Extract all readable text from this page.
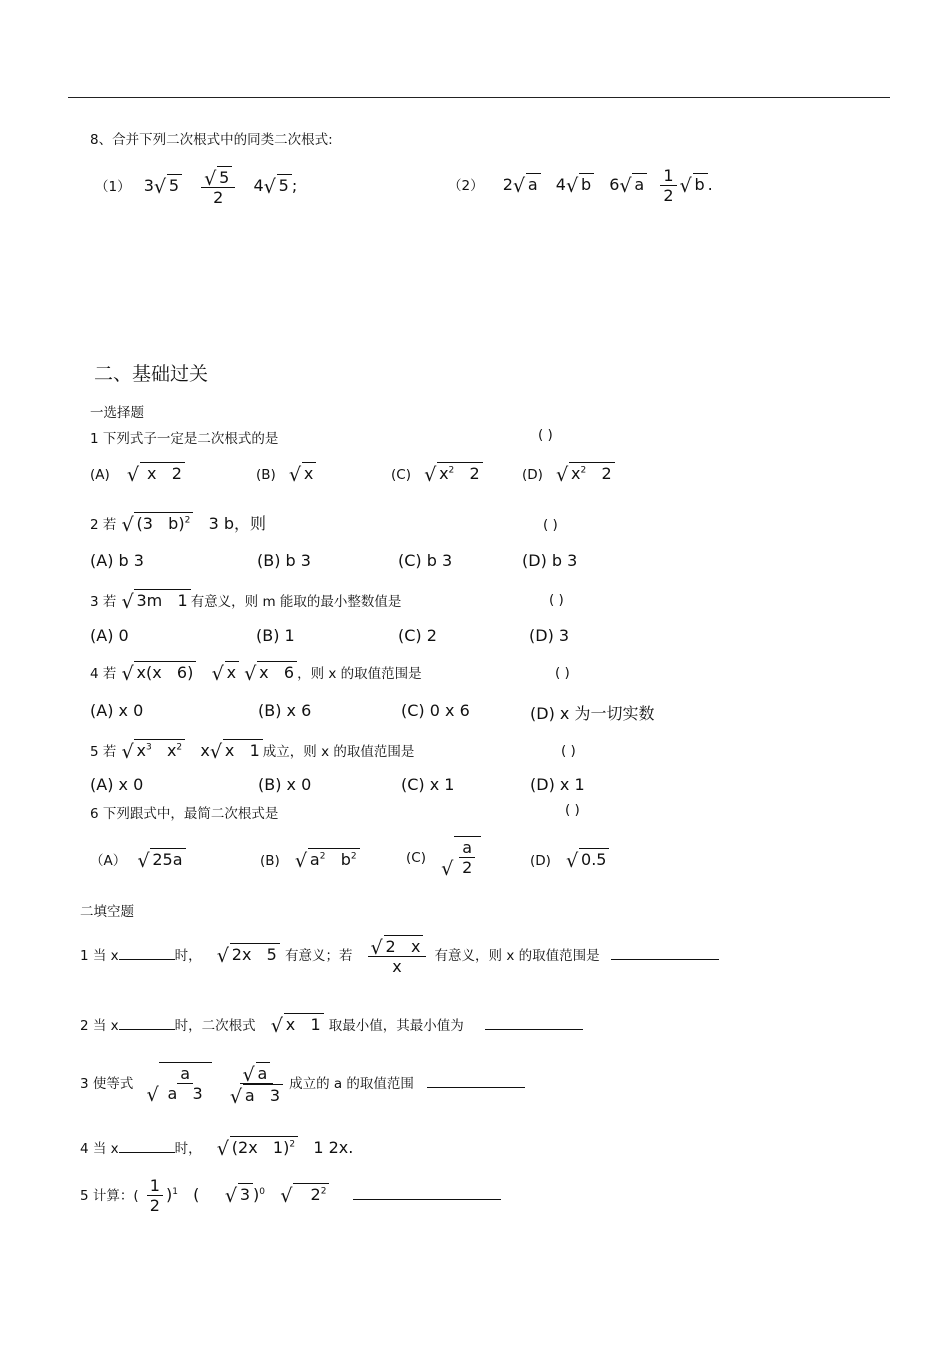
8、合并下列二次根式中的同类二次根式:
（1） 3√ 5
√ $\frac{5}{2} 4√$ 5 ;	（2） 2√ a 4√ b 6√ a $\frac{1}{2}$
√ b .
二、基础过关
一选择题
1 下列式子一定是二次根式的是	( )
(A) √  x   2	(B) √ x	(C) √ $x^2$   2	(D) √ $x^2$   2
2 若 √ (3   b)$^2$ 3 b，则	( )
(A) b 3	(B) b 3	(C) b 3	(D) b 3
3 若 √ 3m   1 有意义，则 m 能取的最小整数值是	( )
(A) 0	(B) 1	(C) 2	(D) 3
4 若 √ x(x   6)   √ x √ x   6 ，则 x 的取值范围是	( )
(A) x 0	(B) x 6	(C) 0 x 6	(D) x 为一切实数
5 若 √ $x^3$   $x^2$   x√ x   1 成立，则 x 的取值范围是	( )
(A) x 0	(B) x 0	(C) x 1	(D) x 1
6 下列跟式中，最简二次根式是	( )
（A） √ 25a	(B) √ $a^2$   $b^2$	(C)
√ $\frac{a}{2}$	(D) √ 0.5
二填空题
1 当 x	时， √ 2x   5 有意义；若
√ $\frac{2 x}{x}$ 有意义，则 x 的取值范围是
2 当 x	时，二次根式 √ x   1 取最小值，其最小值为
3 使等式
√ $\frac{a}{a 3}$

√ a
√ a   3 成立的 a 的取值范围
4 当 x	时， √ (2x   1)$^2$ 1 2x.
5 计算：( $\frac{1}{2} )^1$   (     √ 3 )$^0$   √    $2^2$
